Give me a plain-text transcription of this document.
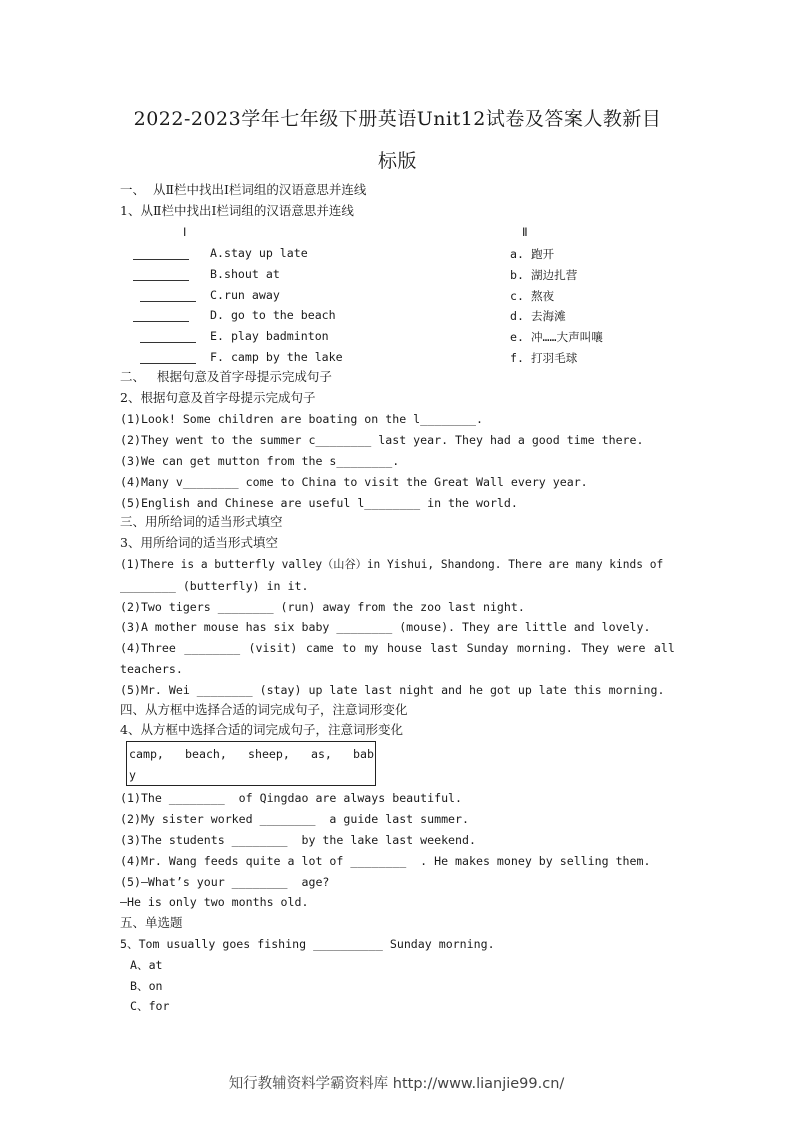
2022-2023学年七年级下册英语Unit12试卷及答案人教新目
标版
一、  从Ⅱ栏中找出Ⅰ栏词组的汉语意思并连线
1、从Ⅱ栏中找出Ⅰ栏词组的汉语意思并连线
Ⅰ	Ⅱ
A.stay up late
B.shout at
C.run away
D. go to the beach
E. play badminton
F. camp by the lake
a. 跑开
b. 湖边扎营
c. 熬夜
d. 去海滩
e. 冲……大声叫嚷
f. 打羽毛球
二、   根据句意及首字母提示完成句子
2、根据句意及首字母提示完成句子
(1)Look! Some children are boating on the l________.
(2)They went to the summer c________ last year. They had a good time there.
(3)We can get mutton from the s________.
(4)Many v________ come to China to visit the Great Wall every year.
(5)English and Chinese are useful l________ in the world.
三、用所给词的适当形式填空
3、用所给词的适当形式填空
(1)There is a butterfly valley（山谷）in Yishui, Shandong. There are many kinds of
________ (butterfly) in it.
(2)Two tigers ________ (run) away from the zoo last night.
(3)A mother mouse has six baby ________ (mouse). They are little and lovely.
(4)Three ________ (visit) came to my house last Sunday morning. They were all
teachers.
(5)Mr. Wei ________ (stay) up late last night and he got up late this morning.
四、从方框中选择合适的词完成句子，注意词形变化
4、从方框中选择合适的词完成句子，注意词形变化
camp, beach, sheep, as, bab
y
(1)The ________  of Qingdao are always beautiful.
(2)My sister worked ________  a guide last summer.
(3)The students ________  by the lake last weekend.
(4)Mr. Wang feeds quite a lot of ________  . He makes money by selling them.
(5)—What’s your ________  age?
—He is only two months old.
五、单选题
5、Tom usually goes fishing __________ Sunday morning.
A、at
B、on
C、for
知行教辅资料学霸资料库 http://www.lianjie99.cn/
